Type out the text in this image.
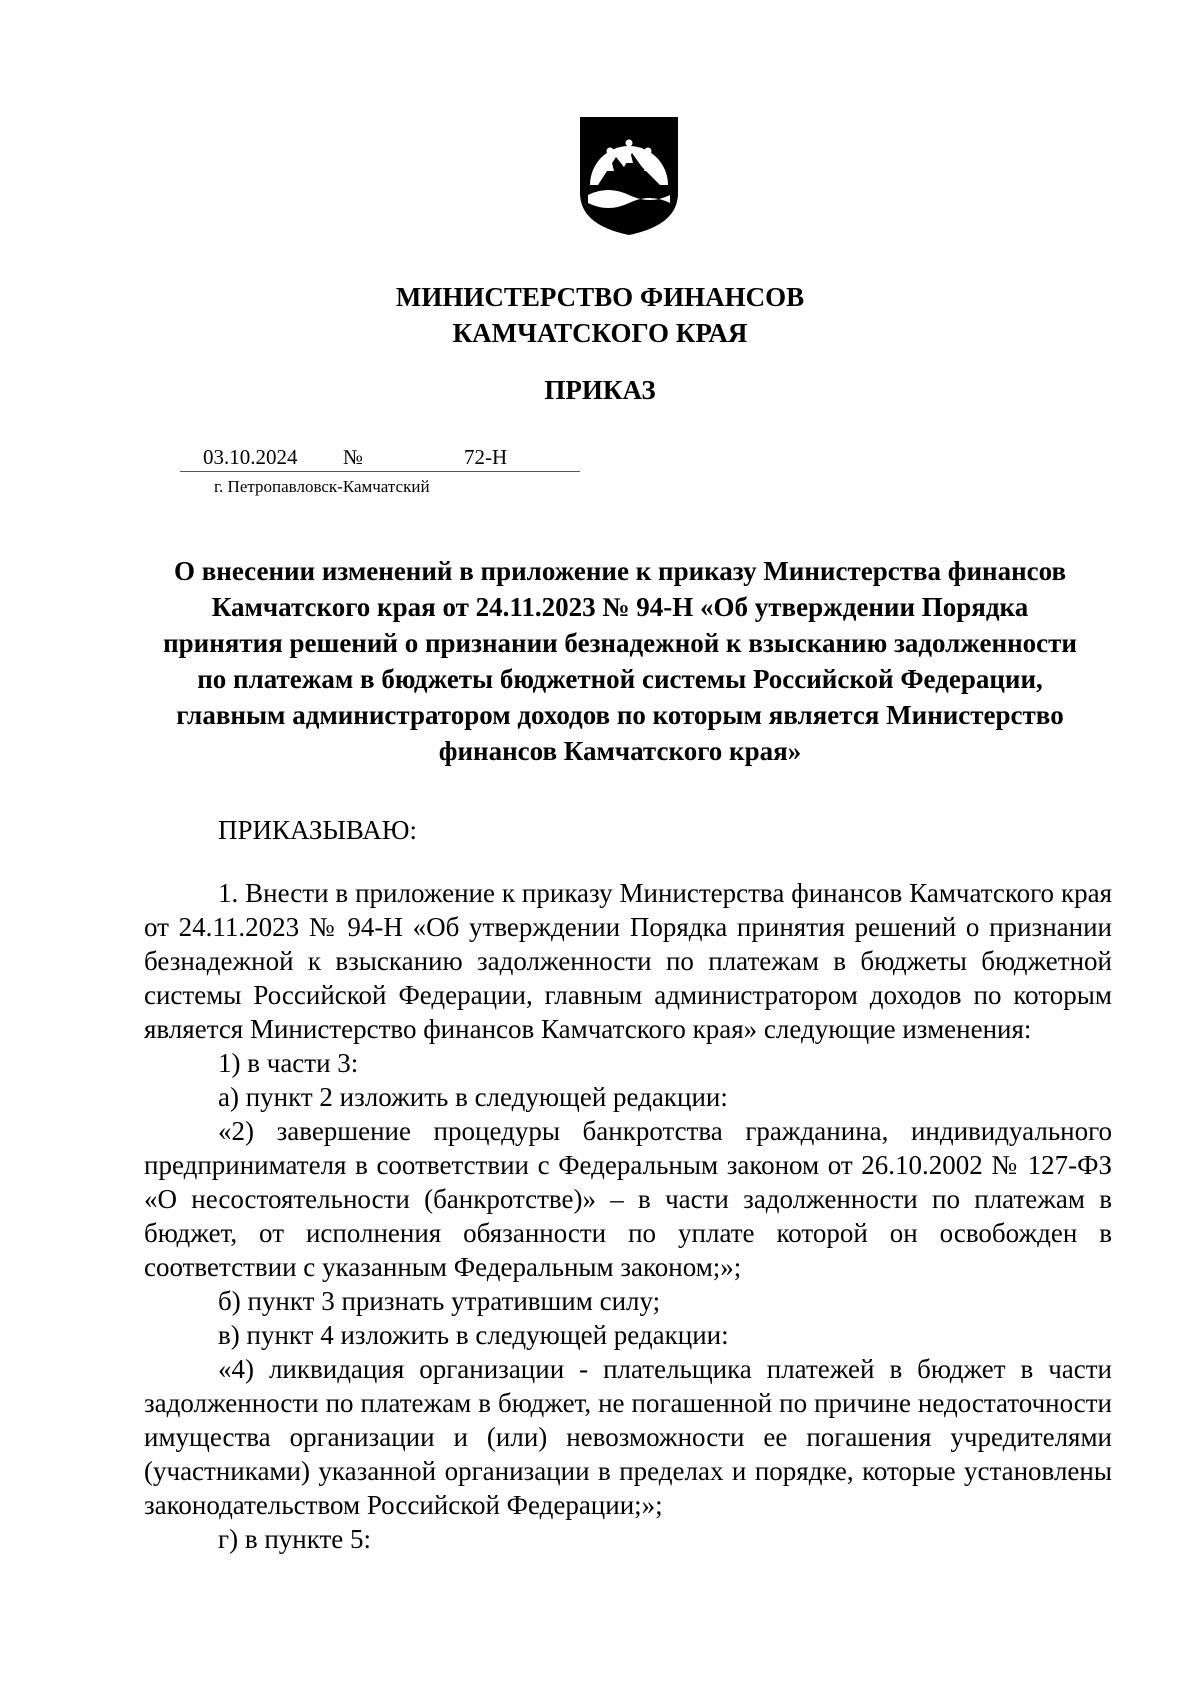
МИНИСТЕРСТВО ФИНАНСОВ
КАМЧАТСКОГО КРАЯ
ПРИКАЗ
03.10.2024 №	72-Н
г. Петропавловск-Камчатский
О внесении изменений в приложение к приказу Министерства финансов Камчатского края от 24.11.2023 № 94-Н «Об утверждении Порядка принятия решений о признании безнадежной к взысканию задолженности по платежам в бюджеты бюджетной системы Российской Федерации, главным администратором доходов по которым является Министерство финансов Камчатского края»
ПРИКАЗЫВАЮ:

1. Внести в приложение к приказу Министерства финансов Камчатского края от 24.11.2023 № 94-Н «Об утверждении Порядка принятия решений о признании безнадежной к взысканию задолженности по платежам в бюджеты бюджетной системы Российской Федерации, главным администратором доходов по которым является Министерство финансов Камчатского края» следующие изменения:

1) в части 3:

а) пункт 2 изложить в следующей редакции:

«2) завершение процедуры банкротства гражданина, индивидуального предпринимателя в соответствии с Федеральным законом от 26.10.2002 № 127-ФЗ «О несостоятельности (банкротстве)» – в части задолженности по платежам в бюджет, от исполнения обязанности по уплате которой он освобожден в соответствии с указанным Федеральным законом;»;

б) пункт 3 признать утратившим силу;

в) пункт 4 изложить в следующей редакции:

«4) ликвидация организации - плательщика платежей в бюджет в части задолженности по платежам в бюджет, не погашенной по причине недостаточности имущества организации и (или) невозможности ее погашения учредителями (участниками) указанной организации в пределах и порядке, которые установлены законодательством Российской Федерации;»;

г) в пункте 5:
